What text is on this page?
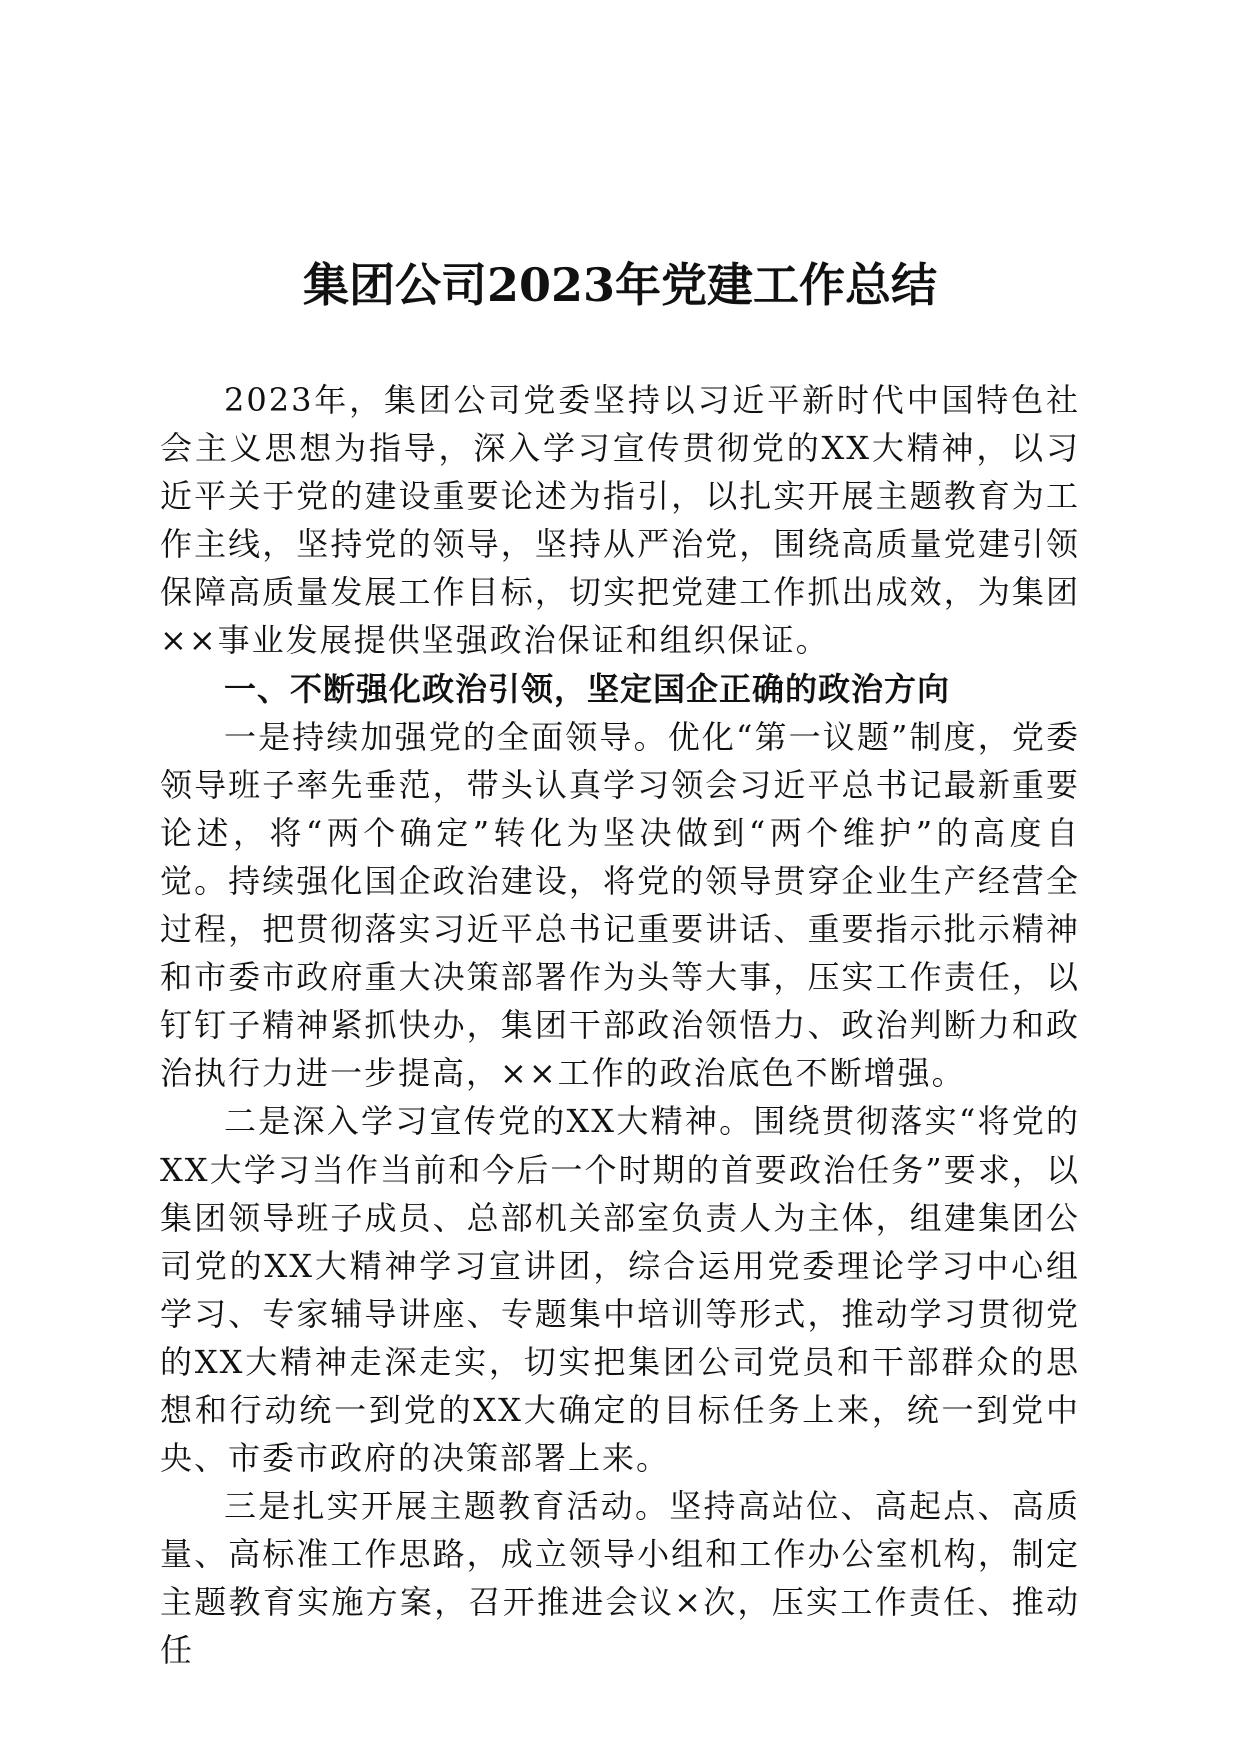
集团公司2023年党建工作总结

2023年，集团公司党委坚持以习近平新时代中国特色社会主义思想为指导，深入学习宣传贯彻党的XX大精神，以习近平关于党的建设重要论述为指引，以扎实开展主题教育为工作主线，坚持党的领导，坚持从严治党，围绕高质量党建引领保障高质量发展工作目标，切实把党建工作抓出成效，为集团××事业发展提供坚强政治保证和组织保证。

一、不断强化政治引领，坚定国企正确的政治方向

一是持续加强党的全面领导。优化“第一议题”制度，党委领导班子率先垂范，带头认真学习领会习近平总书记最新重要论述，将“两个确定”转化为坚决做到“两个维护”的高度自觉。持续强化国企政治建设，将党的领导贯穿企业生产经营全过程，把贯彻落实习近平总书记重要讲话、重要指示批示精神和市委市政府重大决策部署作为头等大事，压实工作责任，以钉钉子精神紧抓快办，集团干部政治领悟力、政治判断力和政治执行力进一步提高，××工作的政治底色不断增强。

二是深入学习宣传党的XX大精神。围绕贯彻落实“将党的XX大学习当作当前和今后一个时期的首要政治任务”要求，以集团领导班子成员、总部机关部室负责人为主体，组建集团公司党的XX大精神学习宣讲团，综合运用党委理论学习中心组学习、专家辅导讲座、专题集中培训等形式，推动学习贯彻党的XX大精神走深走实，切实把集团公司党员和干部群众的思想和行动统一到党的XX大确定的目标任务上来，统一到党中央、市委市政府的决策部署上来。

三是扎实开展主题教育活动。坚持高站位、高起点、高质量、高标准工作思路，成立领导小组和工作办公室机构，制定主题教育实施方案，召开推进会议×次，压实工作责任、推动任
